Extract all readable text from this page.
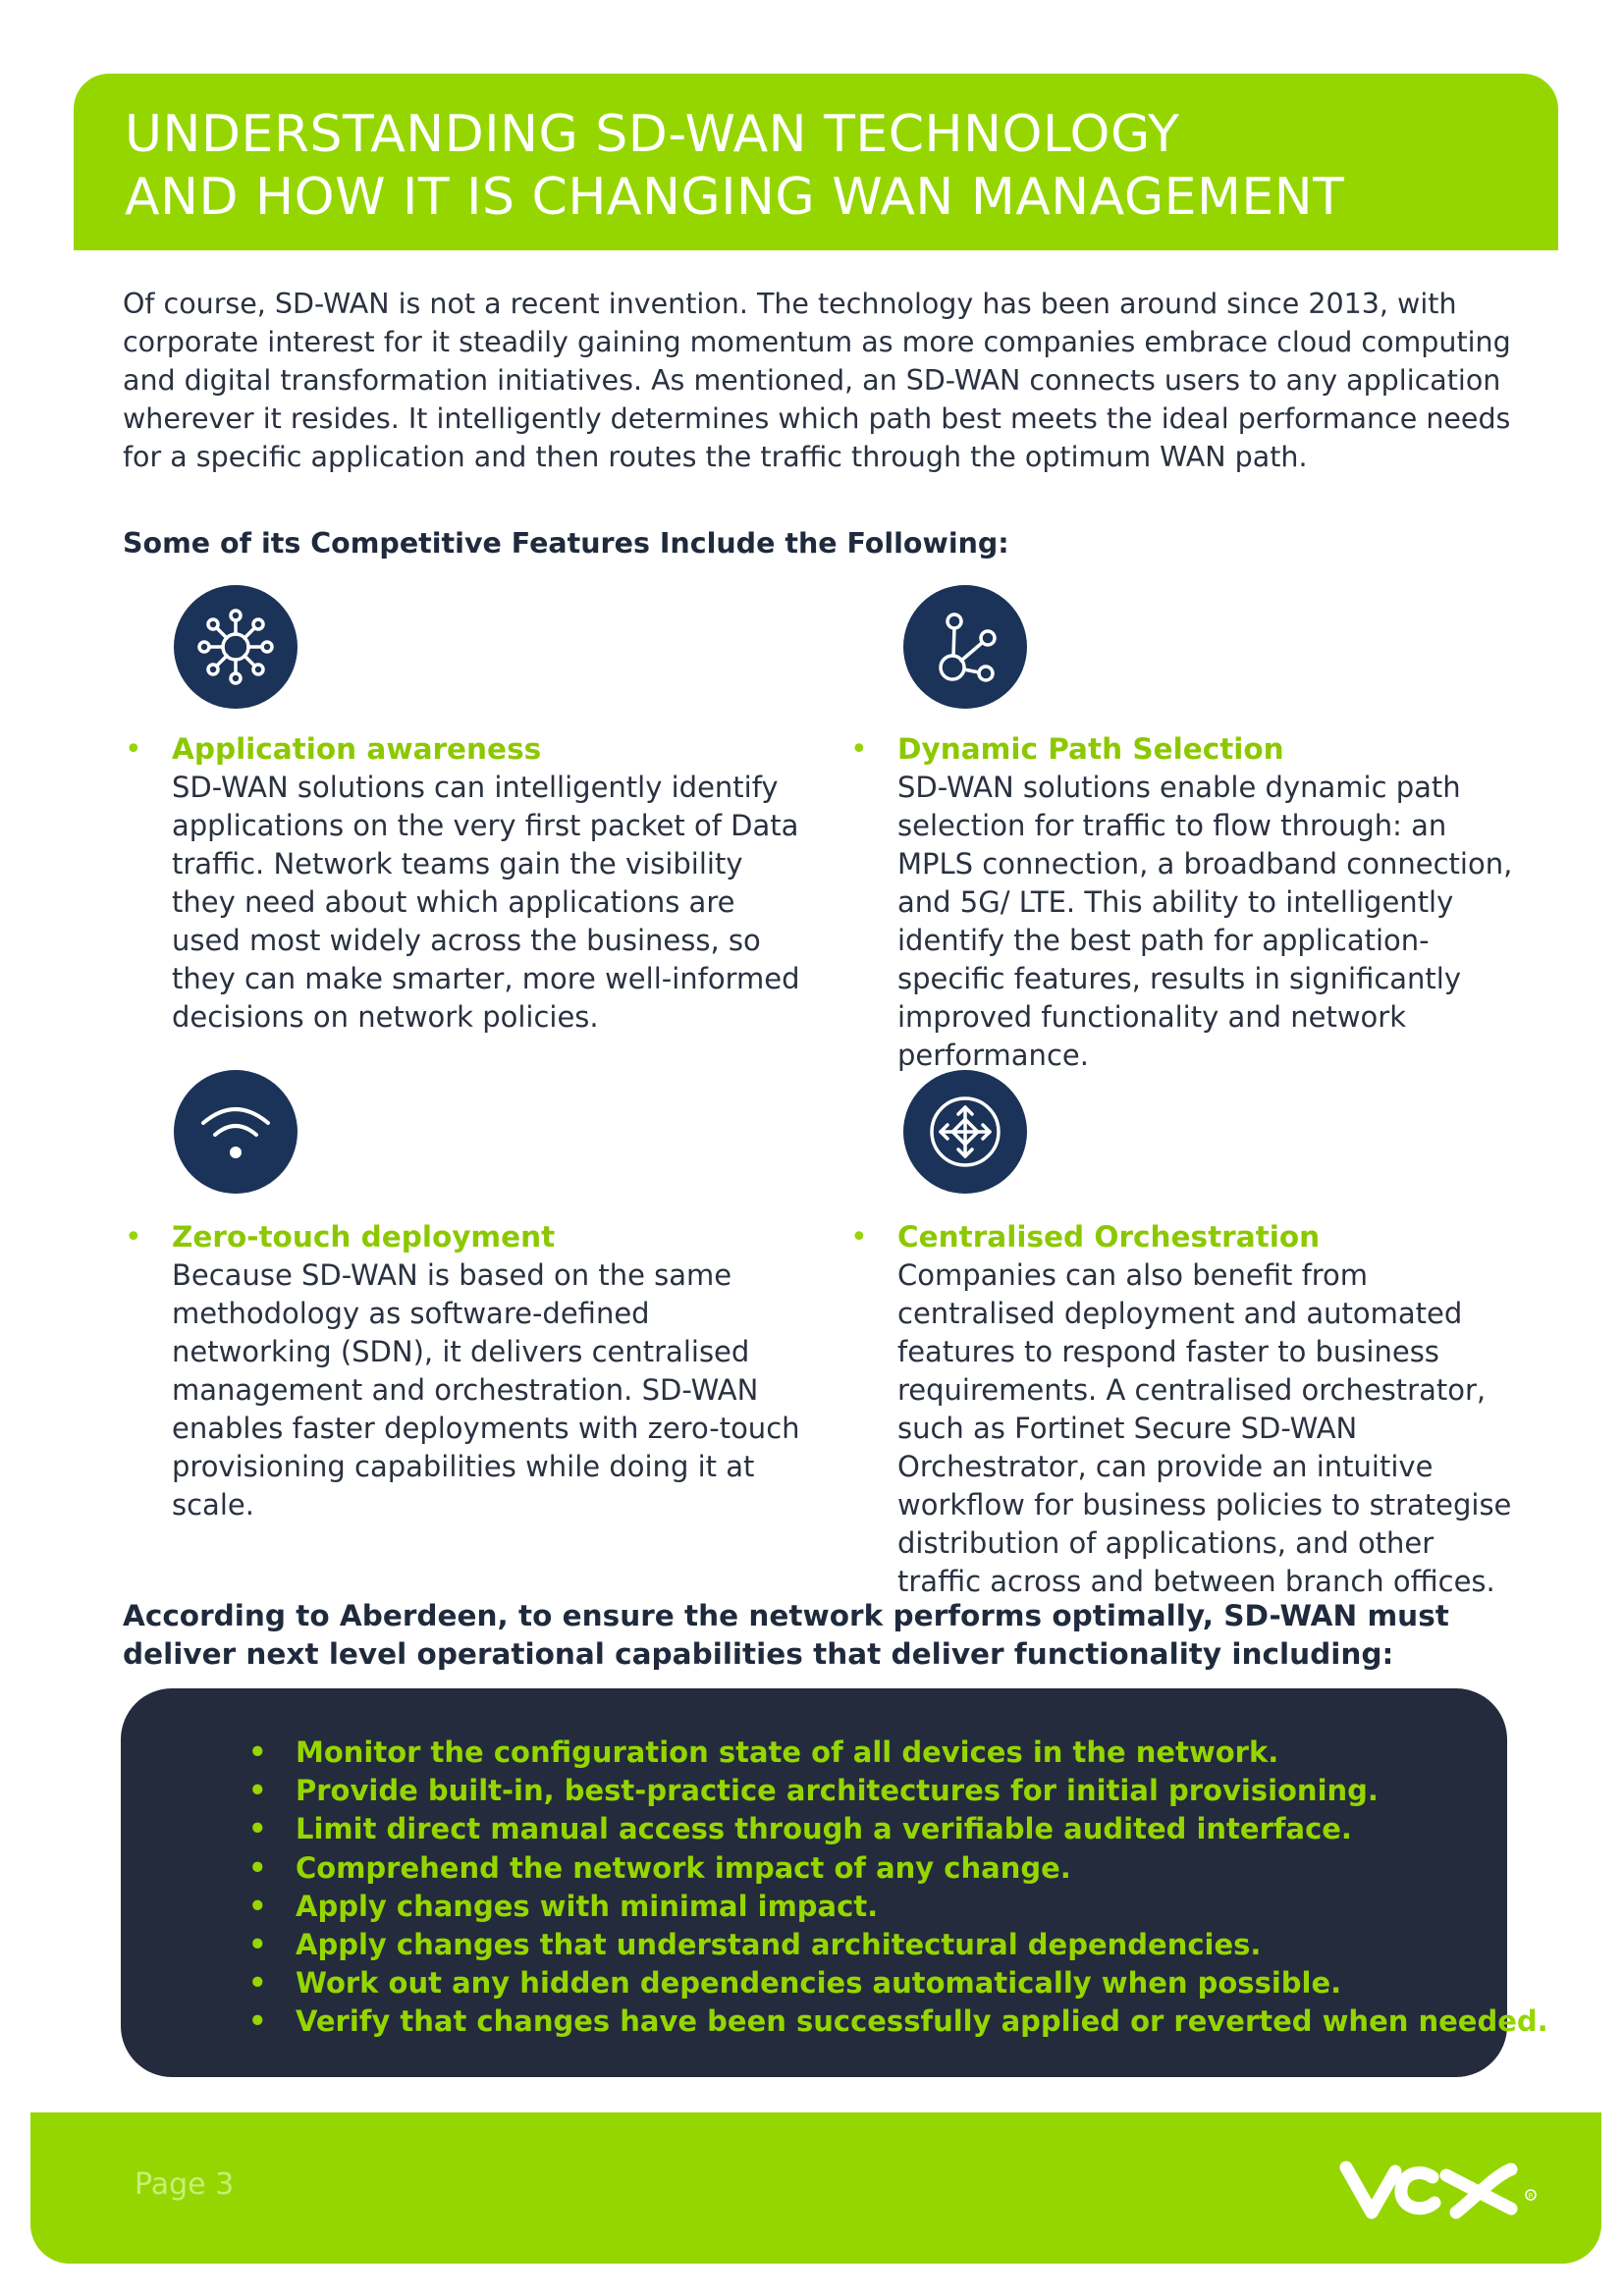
UNDERSTANDING SD-WAN TECHNOLOGY
AND HOW IT IS CHANGING WAN MANAGEMENT

Of course, SD-WAN is not a recent invention. The technology has been around since 2013, with corporate interest for it steadily gaining momentum as more companies embrace cloud computing and digital transformation initiatives. As mentioned, an SD-WAN connects users to any application wherever it resides. It intelligently determines which path best meets the ideal performance needs for a specific application and then routes the traffic through the optimum WAN path.

Some of its Competitive Features Include the Following:
• Application awareness

SD-WAN solutions can intelligently identify applications on the very first packet of Data traffic. Network teams gain the visibility they need about which applications are used most widely across the business, so they can make smarter, more well-informed decisions on network policies.

• Dynamic Path Selection

SD-WAN solutions enable dynamic path selection for traffic to flow through: an MPLS connection, a broadband connection, and 5G/ LTE. This ability to intelligently identify the best path for application-specific features, results in significantly improved functionality and network performance.

• Zero-touch deployment

Because SD-WAN is based on the same methodology as software-defined networking (SDN), it delivers centralised management and orchestration. SD-WAN enables faster deployments with zero-touch provisioning capabilities while doing it at scale.

• Centralised Orchestration

Companies can also benefit from centralised deployment and automated features to respond faster to business requirements. A centralised orchestrator, such as Fortinet Secure SD-WAN Orchestrator, can provide an intuitive workflow for business policies to strategise distribution of applications, and other traffic across and between branch offices.

According to Aberdeen, to ensure the network performs optimally, SD-WAN must deliver next level operational capabilities that deliver functionality including:

• Monitor the configuration state of all devices in the network.
• Provide built-in, best-practice architectures for initial provisioning.
• Limit direct manual access through a verifiable audited interface.
• Comprehend the network impact of any change.
• Apply changes with minimal impact.
• Apply changes that understand architectural dependencies.
• Work out any hidden dependencies automatically when possible.
• Verify that changes have been successfully applied or reverted when needed.
Page 3	R
